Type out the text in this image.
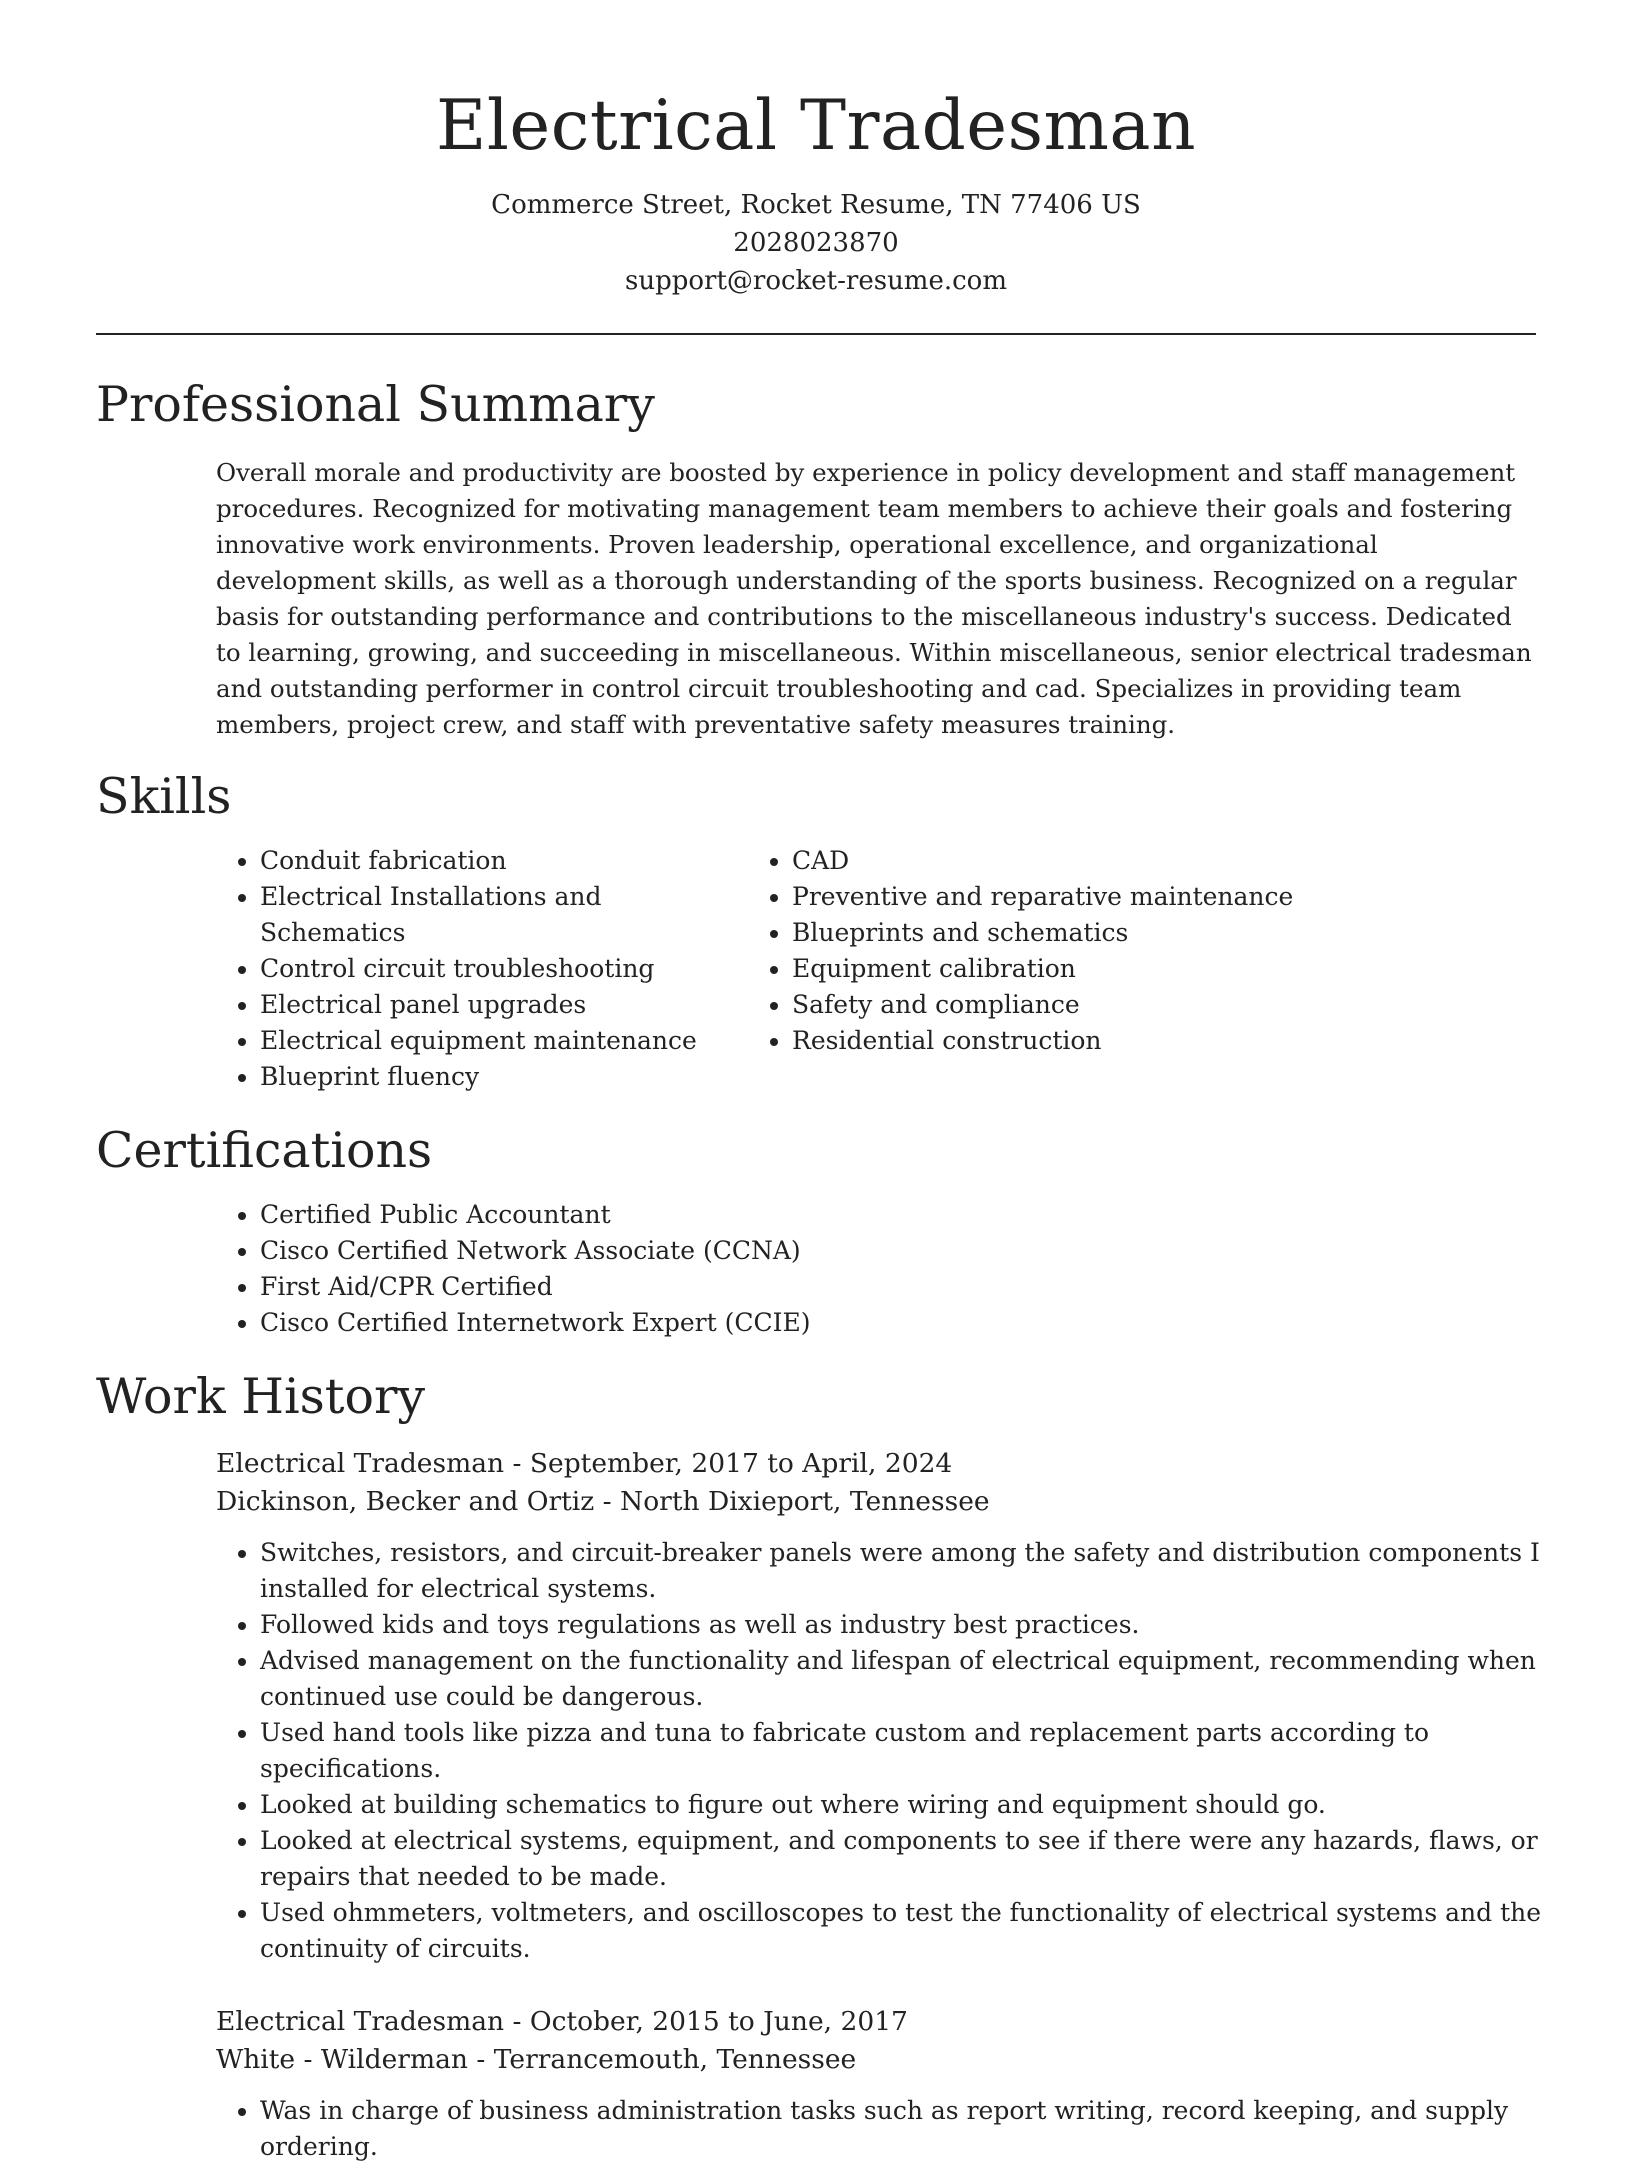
Electrical Tradesman

Commerce Street, Rocket Resume, TN 77406 US

2028023870

support@rocket-resume.com

Professional Summary

Overall morale and productivity are boosted by experience in policy development and staff management procedures. Recognized for motivating management team members to achieve their goals and fostering innovative work environments. Proven leadership, operational excellence, and organizational development skills, as well as a thorough understanding of the sports business. Recognized on a regular basis for outstanding performance and contributions to the miscellaneous industry's success. Dedicated to learning, growing, and succeeding in miscellaneous. Within miscellaneous, senior electrical tradesman and outstanding performer in control circuit troubleshooting and cad. Specializes in providing team members, project crew, and staff with preventative safety measures training.

Skills
• Conduit fabrication
• Electrical Installations and Schematics
• Control circuit troubleshooting
• Electrical panel upgrades
• Electrical equipment maintenance
• Blueprint fluency
• CAD
• Preventive and reparative maintenance
• Blueprints and schematics
• Equipment calibration
• Safety and compliance
• Residential construction
Certifications
• Certified Public Accountant
• Cisco Certified Network Associate (CCNA)
• First Aid/CPR Certified
• Cisco Certified Internetwork Expert (CCIE)
Work History

Electrical Tradesman - September, 2017 to April, 2024

Dickinson, Becker and Ortiz - North Dixieport, Tennessee

• Switches, resistors, and circuit-breaker panels were among the safety and distribution components I installed for electrical systems.
• Followed kids and toys regulations as well as industry best practices.
• Advised management on the functionality and lifespan of electrical equipment, recommending when continued use could be dangerous.
• Used hand tools like pizza and tuna to fabricate custom and replacement parts according to specifications.
• Looked at building schematics to figure out where wiring and equipment should go.
• Looked at electrical systems, equipment, and components to see if there were any hazards, flaws, or repairs that needed to be made.
• Used ohmmeters, voltmeters, and oscilloscopes to test the functionality of electrical systems and the continuity of circuits.

Electrical Tradesman - October, 2015 to June, 2017

White - Wilderman - Terrancemouth, Tennessee

• Was in charge of business administration tasks such as report writing, record keeping, and supply ordering.
